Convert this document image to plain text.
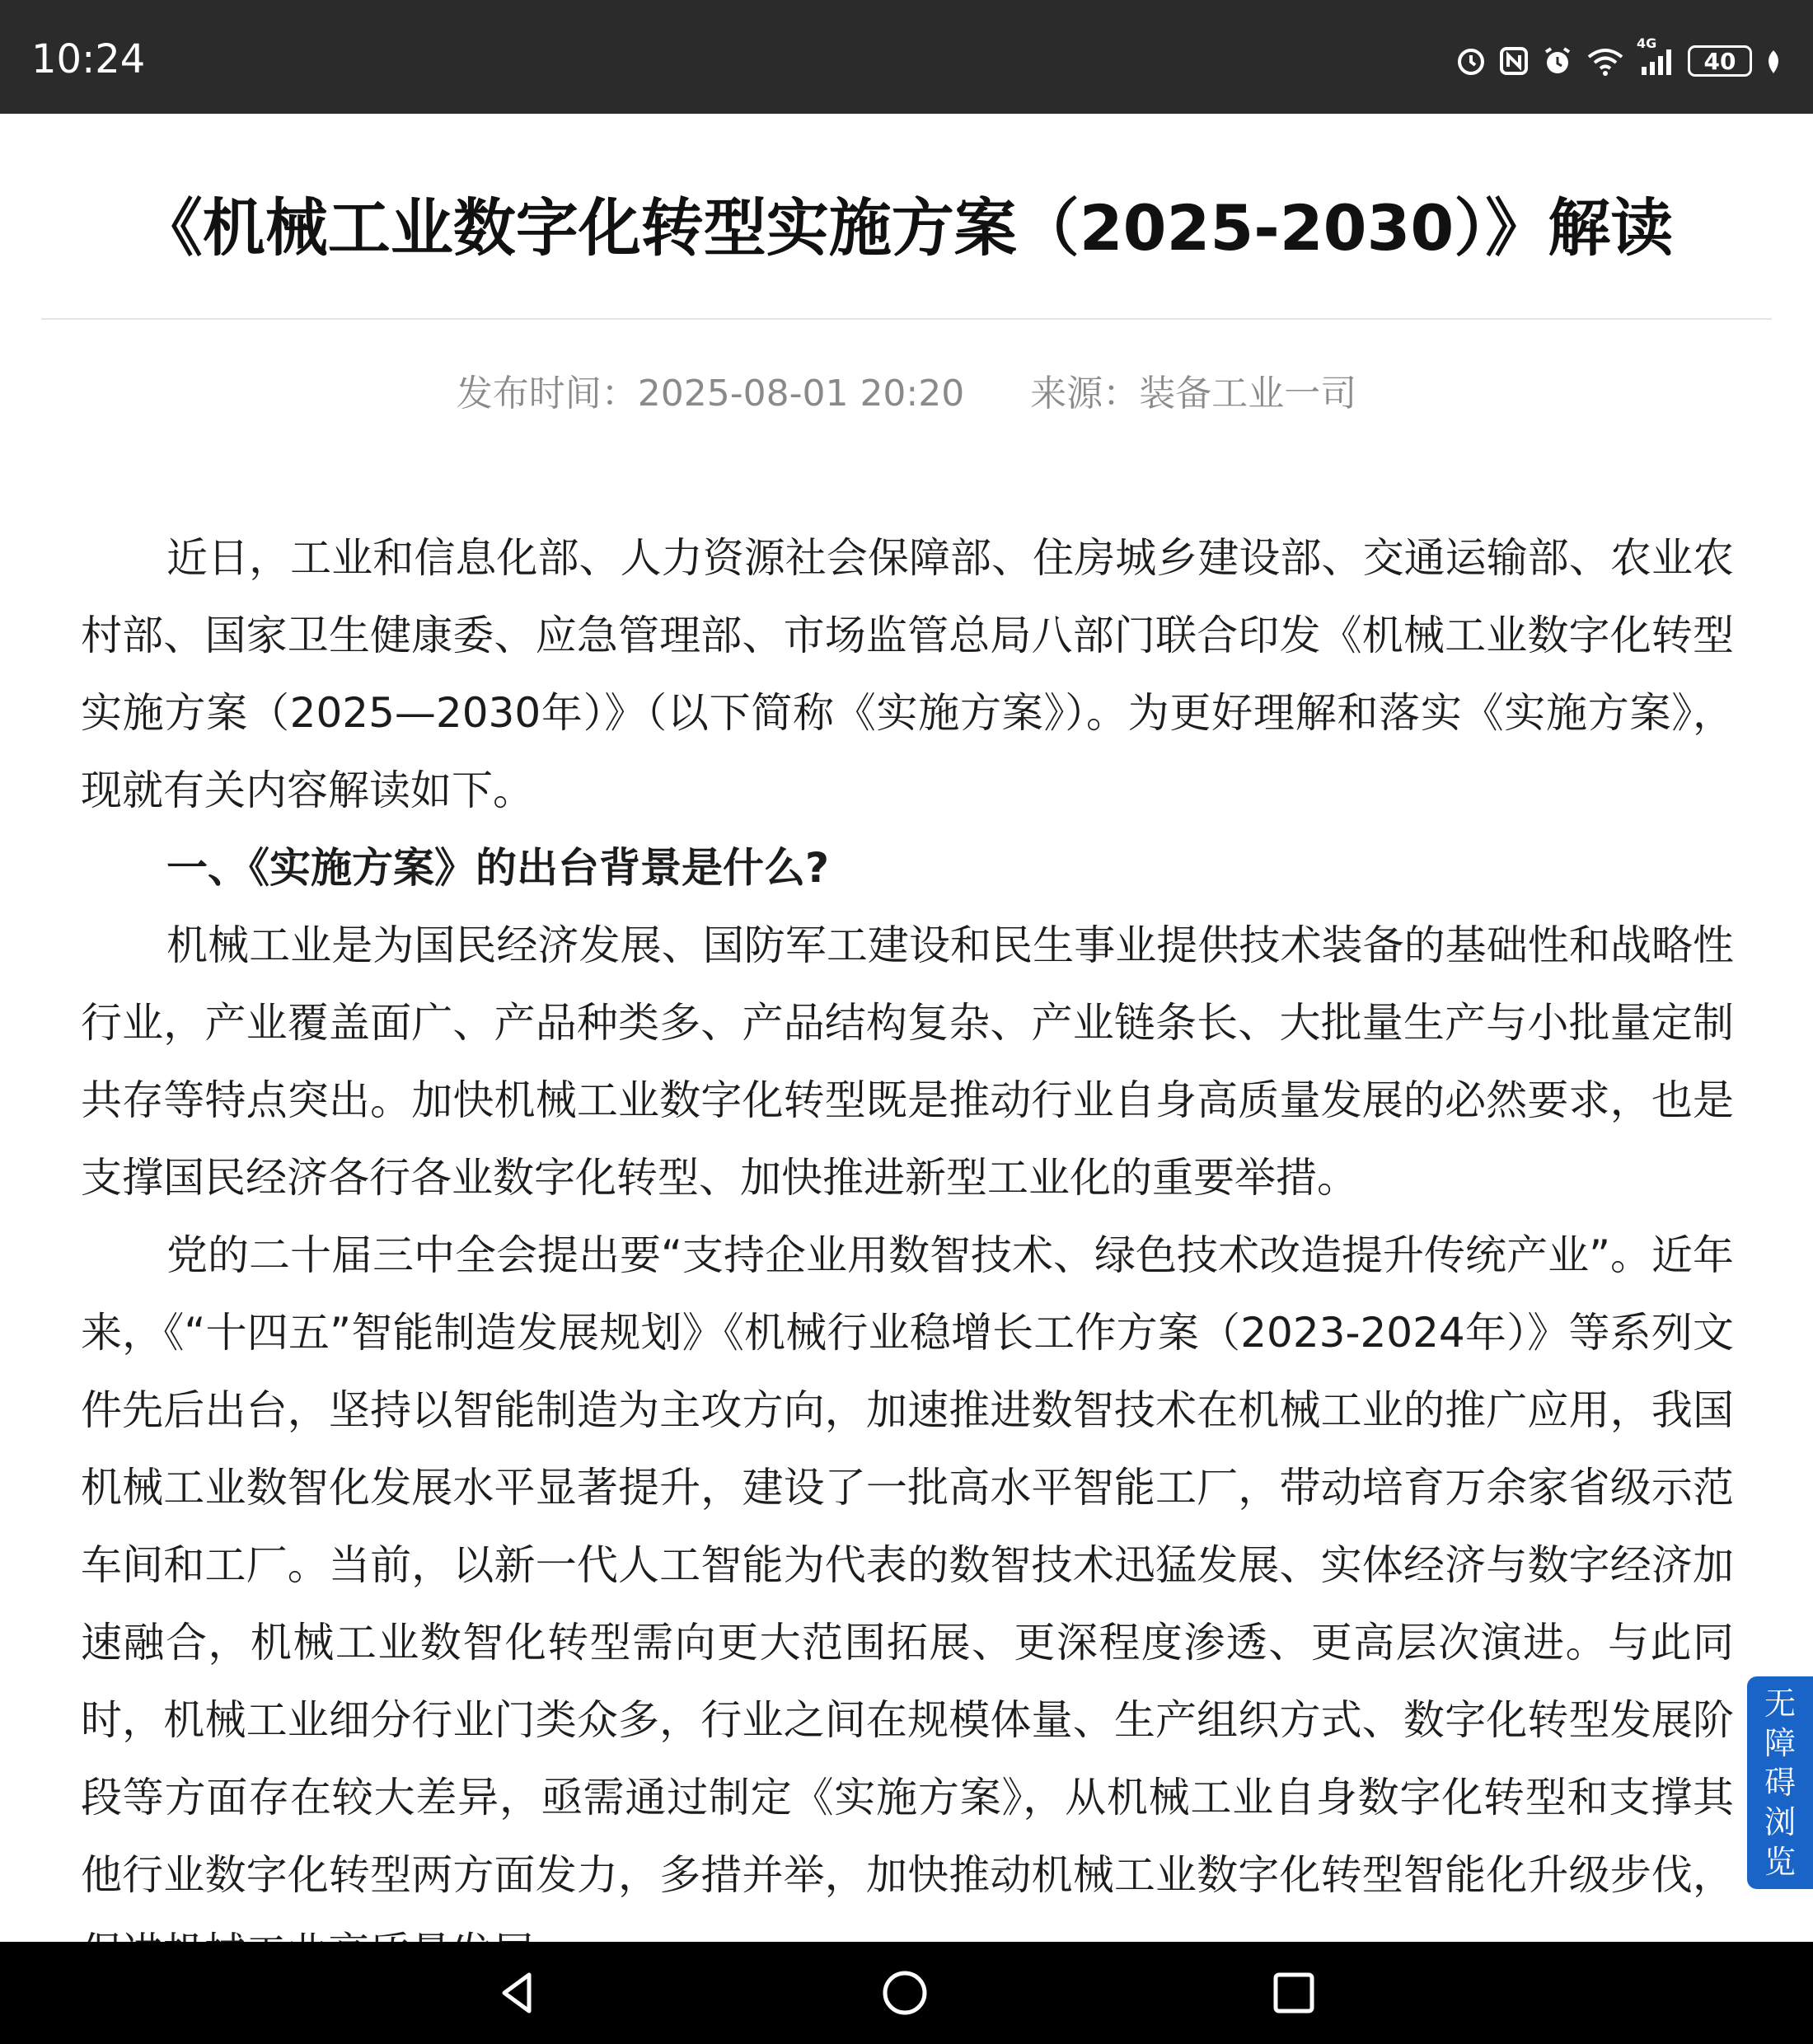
10:24	4G
40
《机械工业数字化转型实施方案（2025-2030）》解读
发布时间：2025-08-01 20:20 来源：装备工业一司

近日，工业和信息化部、人力资源社会保障部、住房城乡建设部、交通运输部、农业农村部、国家卫生健康委、应急管理部、市场监管总局八部门联合印发《机械工业数字化转型实施方案（2025—2030年）》（以下简称《实施方案》）。为更好理解和落实《实施方案》，现就有关内容解读如下。

一、《实施方案》的出台背景是什么?

机械工业是为国民经济发展、国防军工建设和民生事业提供技术装备的基础性和战略性行业，产业覆盖面广、产品种类多、产品结构复杂、产业链条长、大批量生产与小批量定制共存等特点突出。加快机械工业数字化转型既是推动行业自身高质量发展的必然要求，也是支撑国民经济各行各业数字化转型、加快推进新型工业化的重要举措。

党的二十届三中全会提出要“支持企业用数智技术、绿色技术改造提升传统产业”。近年来，《“十四五”智能制造发展规划》《机械行业稳增长工作方案（2023-2024年）》等系列文件先后出台，坚持以智能制造为主攻方向，加速推进数智技术在机械工业的推广应用，我国机械工业数智化发展水平显著提升，建设了一批高水平智能工厂，带动培育万余家省级示范车间和工厂。当前，以新一代人工智能为代表的数智技术迅猛发展、实体经济与数字经济加速融合，机械工业数智化转型需向更大范围拓展、更深程度渗透、更高层次演进。与此同时，机械工业细分行业门类众多，行业之间在规模体量、生产组织方式、数字化转型发展阶段等方面存在较大差异，亟需通过制定《实施方案》，从机械工业自身数字化转型和支撑其他行业数字化转型两方面发力，多措并举，加快推动机械工业数字化转型智能化升级步伐，

无
障
碍
浏
览
